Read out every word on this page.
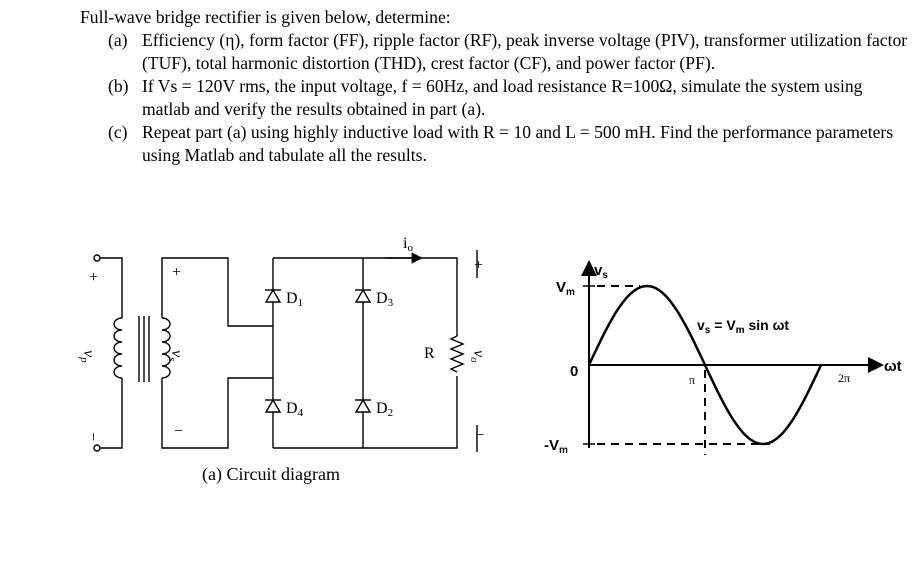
Full-wave bridge rectifier is given below, determine:

(a) Efficiency (η), form factor (FF), ripple factor (RF), peak inverse voltage (PIV), transformer utilization factor (TUF), total harmonic distortion (THD), crest factor (CF), and power factor (PF).
(b) If Vs = 120V rms, the input voltage, f = 60Hz, and load resistance R=100Ω, simulate the system using matlab and verify the results obtained in part (a).
(c) Repeat part (a) using highly inductive load with R = 10 and L = 500 mH. Find the performance parameters using Matlab and tabulate all the results.
+
−
vp
+
−
vs
D1	D3
D4	D2
io
R
+
−
vo
(a) Circuit diagram
$v_s$
$V_m$
$-V_m$
0
$v_s = V_m$ sin ωt
π	2π
ωt
